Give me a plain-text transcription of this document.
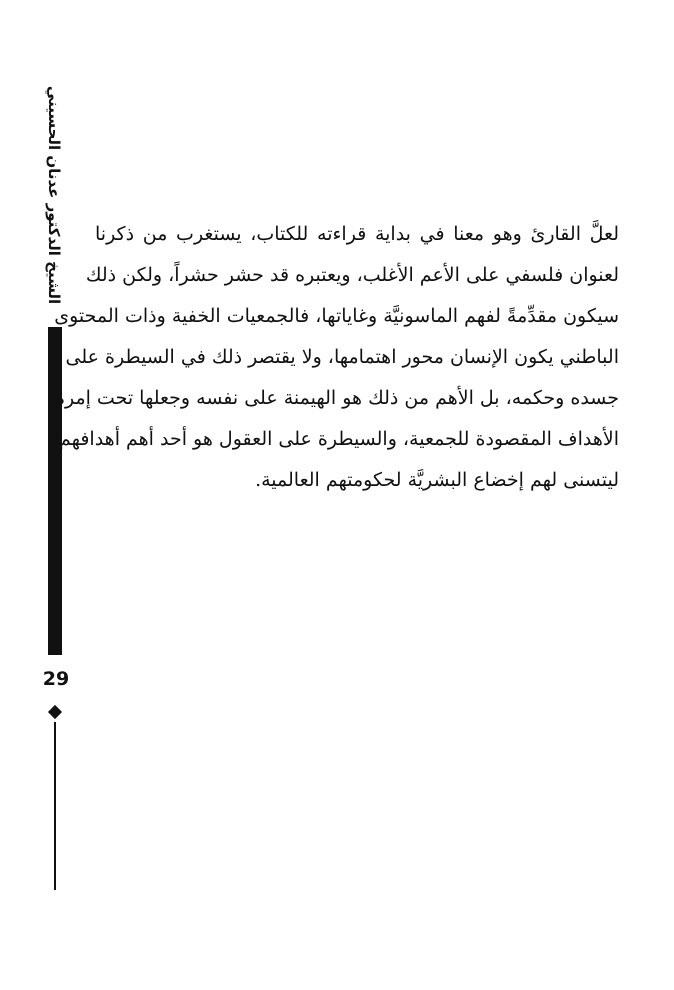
الشيخ الدكتور عدنان الحسيني
29
لعلَّ القارئ وهو معنا في بداية قراءته للكتاب، يستغرب من ذكرنا
لعنوان فلسفي على الأعم الأغلب، ويعتبره قد حشر حشراً، ولكن ذلك
سيكون مقدِّمةً لفهم الماسونيَّة وغاياتها، فالجمعيات الخفية وذات المحتوى
الباطني يكون الإنسان محور اهتمامها، ولا يقتصر ذلك في السيطرة على
جسده وحكمه، بل الأهم من ذلك هو الهيمنة على نفسه وجعلها تحت إمرة
الأهداف المقصودة للجمعية، والسيطرة على العقول هو أحد أهم أهدافهم؛
ليتسنى لهم إخضاع البشريَّة لحكومتهم العالمية.
